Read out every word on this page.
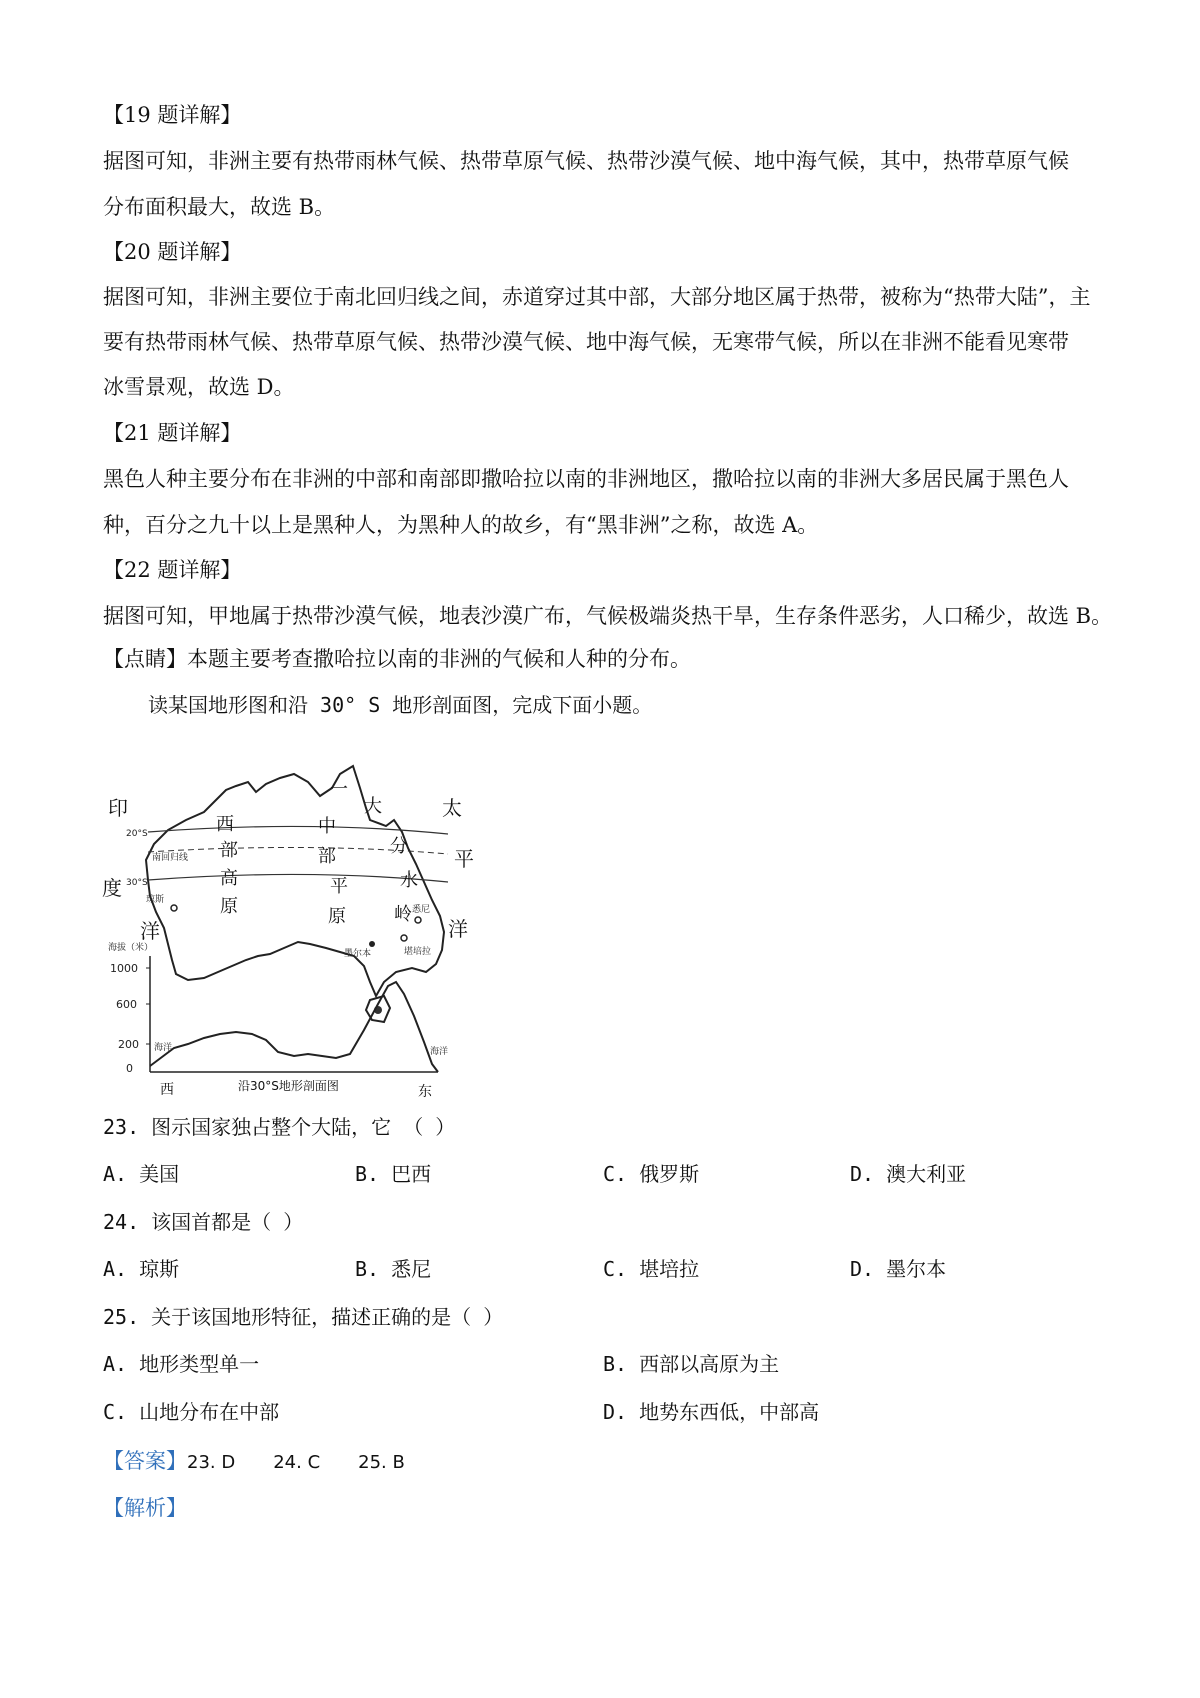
【19 题详解】
据图可知，非洲主要有热带雨林气候、热带草原气候、热带沙漠气候、地中海气候，其中，热带草原气候
分布面积最大，故选 B。
【20 题详解】
据图可知，非洲主要位于南北回归线之间，赤道穿过其中部，大部分地区属于热带，被称为“热带大陆”，主
要有热带雨林气候、热带草原气候、热带沙漠气候、地中海气候，无寒带气候，所以在非洲不能看见寒带
冰雪景观，故选 D。
【21 题详解】
黑色人种主要分布在非洲的中部和南部即撒哈拉以南的非洲地区，撒哈拉以南的非洲大多居民属于黑色人
种，百分之九十以上是黑种人，为黑种人的故乡，有“黑非洲”之称，故选 A。
【22 题详解】
据图可知，甲地属于热带沙漠气候，地表沙漠广布，气候极端炎热干旱，生存条件恶劣，人口稀少，故选 B。
【点睛】本题主要考查撒哈拉以南的非洲的气候和人种的分布。
读某国地形图和沿 30° S 地形剖面图，完成下面小题。
20°S
南回归线
30°S
印
度
洋
太
平
洋
西
部
高
原
中
部
平
原
一
大
分
水
岭
琼斯
悉尼
堪培拉
墨尔本
海拔（米）
1000
600
200
0
海洋	海洋
西	沿30°S地形剖面图	东
23. 图示国家独占整个大陆，它 （ ）
A. 美国	B. 巴西	C. 俄罗斯	D. 澳大利亚
24. 该国首都是（ ）
A. 琼斯	B. 悉尼	C. 堪培拉	D. 墨尔本
25. 关于该国地形特征，描述正确的是（ ）
A. 地形类型单一	B. 西部以高原为主
C. 山地分布在中部	D. 地势东西低，中部高
【答案】23. D 24. C 25. B
【解析】
